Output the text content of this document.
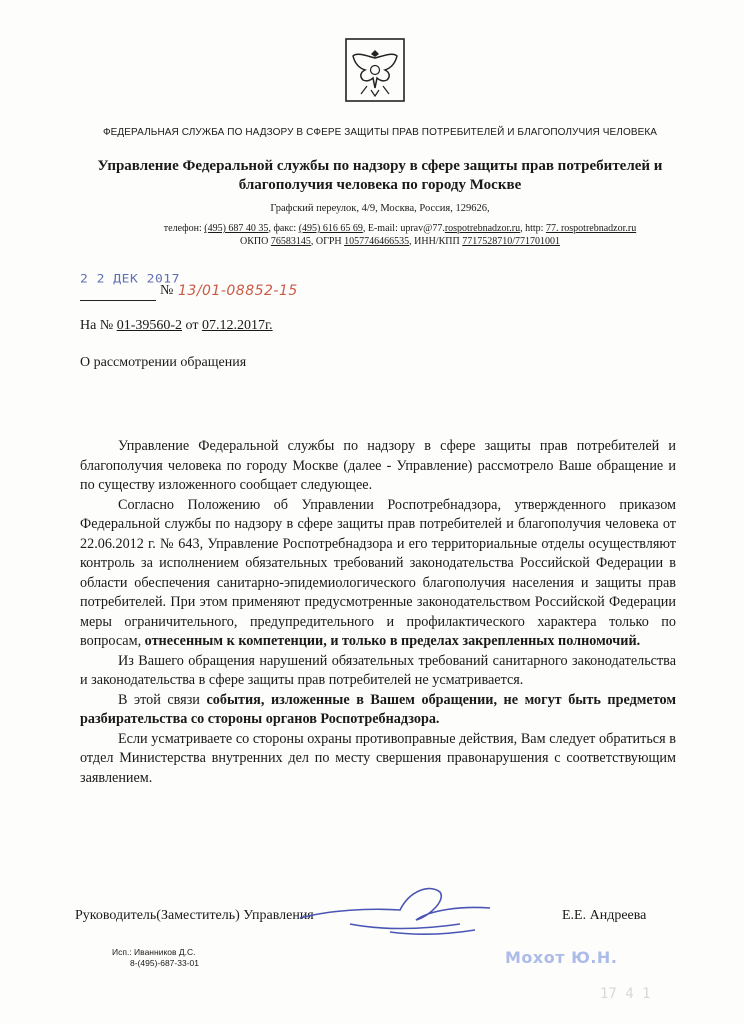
ФЕДЕРАЛЬНАЯ СЛУЖБА ПО НАДЗОРУ В СФЕРЕ ЗАЩИТЫ ПРАВ ПОТРЕБИТЕЛЕЙ И БЛАГОПОЛУЧИЯ ЧЕЛОВЕКА
Управление Федеральной службы по надзору в сфере защиты прав потребителей и благополучия человека по городу Москве
Графский переулок, 4/9, Москва, Россия, 129626,
телефон: (495) 687 40 35, факс: (495) 616 65 69, E-mail: uprav@77.rospotrebnadzor.ru, http: 77. rospotrebnadzor.ru
ОКПО 76583145, ОГРН 1057746466535, ИНН/КПП 7717528710/771701001
2 2 ДЕК 2017
№ 13/01-08852-15
На № 01-39560-2 от 07.12.2017г.
О рассмотрении обращения

Управление Федеральной службы по надзору в сфере защиты прав потребителей и благополучия человека по городу Москве (далее - Управление) рассмотрело Ваше обращение и по существу изложенного сообщает следующее.

Согласно Положению об Управлении Роспотребнадзора, утвержденного приказом Федеральной службы по надзору в сфере защиты прав потребителей и благополучия человека от 22.06.2012 г. № 643, Управление Роспотребнадзора и его территориальные отделы осуществляют контроль за исполнением обязательных требований законодательства Российской Федерации в области обеспечения санитарно-эпидемиологического благополучия населения и защиты прав потребителей. При этом применяют предусмотренные законодательством Российской Федерации меры ограничительного, предупредительного и профилактического характера только по вопросам, отнесенным к компетенции, и только в пределах закрепленных полномочий.

Из Вашего обращения нарушений обязательных требований санитарного законодательства и законодательства в сфере защиты прав потребителей не усматривается.

В этой связи события, изложенные в Вашем обращении, не могут быть предметом разбирательства со стороны органов Роспотребнадзора.

Если усматриваете со стороны охраны противоправные действия, Вам следует обратиться в отдел Министерства внутренних дел по месту свершения правонарушения с соответствующим заявлением.

Руководитель(Заместитель) Управления	Е.Е. Андреева
Исп.: Иванников Д.С.
8-(495)-687-33-01	Мохот Ю.Н.
17 4 1
